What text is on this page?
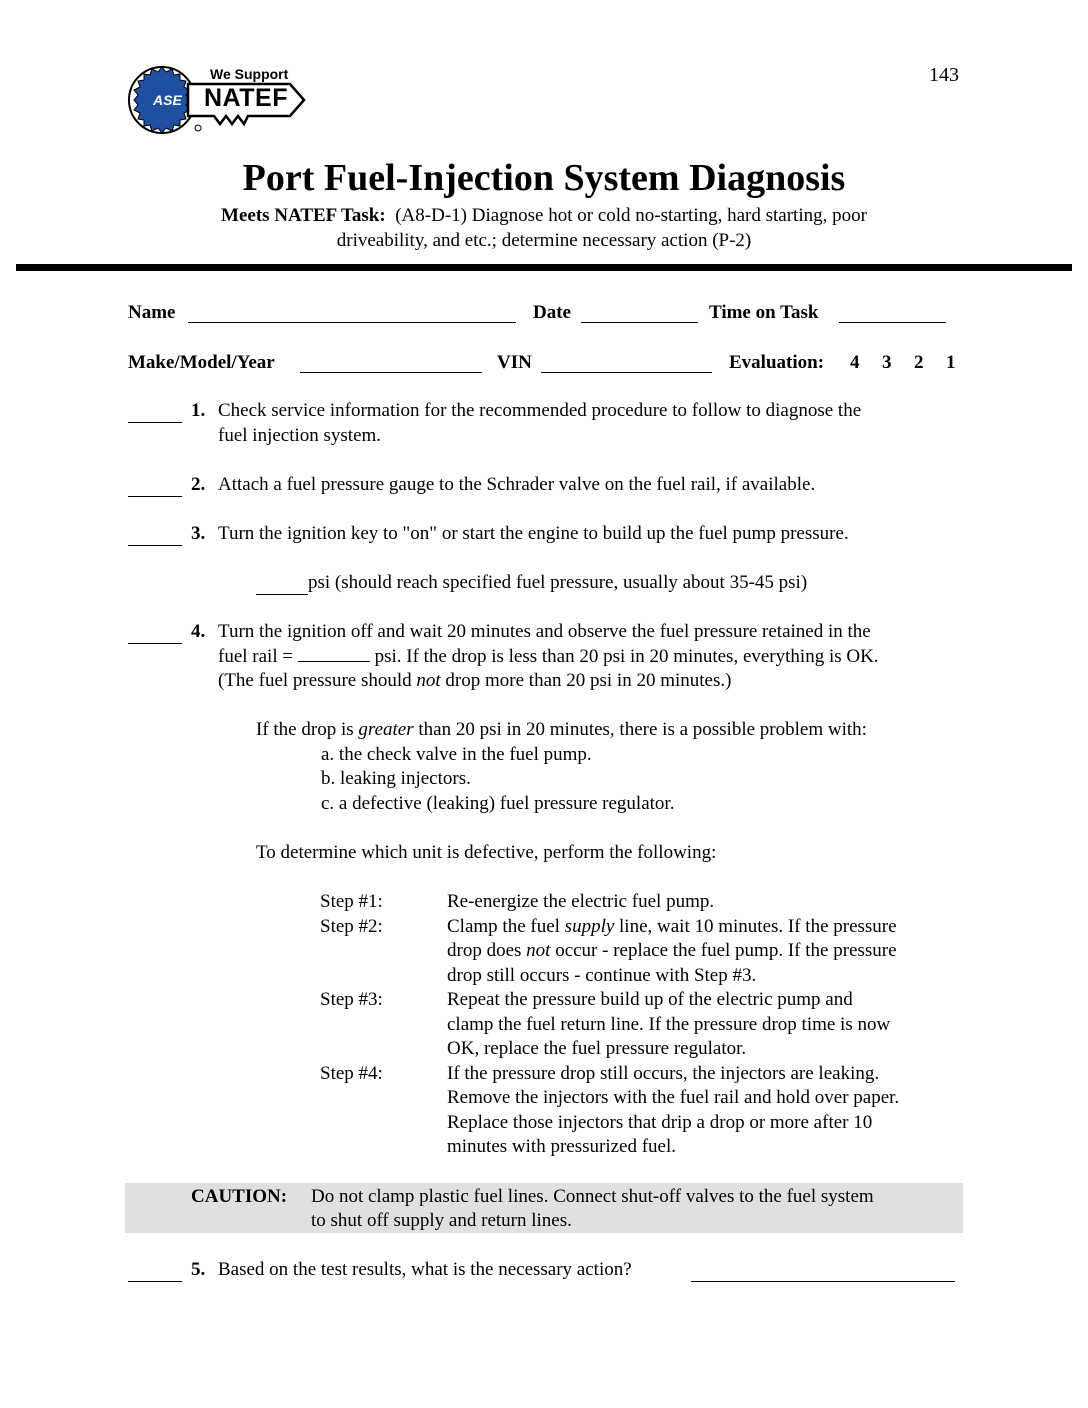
We Support
NATEF
ASE
143
Port Fuel-Injection System Diagnosis
Meets NATEF Task: (A8-D-1) Diagnose hot or cold no-starting, hard starting, poor
driveability, and etc.; determine necessary action (P-2)
Name	Date	Time on Task
Make/Model/Year	VIN	Evaluation: 4 3 2 1
1. Check service information for the recommended procedure to follow to diagnose the
fuel injection system.
2. Attach a fuel pressure gauge to the Schrader valve on the fuel rail, if available.
3. Turn the ignition key to "on" or start the engine to build up the fuel pump pressure.
psi (should reach specified fuel pressure, usually about 35-45 psi)
4. Turn the ignition off and wait 20 minutes and observe the fuel pressure retained in the
fuel rail =	psi. If the drop is less than 20 psi in 20 minutes, everything is OK.
(The fuel pressure should not drop more than 20 psi in 20 minutes.)
If the drop is greater than 20 psi in 20 minutes, there is a possible problem with:
a. the check valve in the fuel pump.
b. leaking injectors.
c. a defective (leaking) fuel pressure regulator.
To determine which unit is defective, perform the following:
Step #1:	Re-energize the electric fuel pump.
Step #2:	Clamp the fuel supply line, wait 10 minutes. If the pressure
drop does not occur - replace the fuel pump. If the pressure
drop still occurs - continue with Step #3.
Step #3:	Repeat the pressure build up of the electric pump and
clamp the fuel return line. If the pressure drop time is now
OK, replace the fuel pressure regulator.
Step #4:	If the pressure drop still occurs, the injectors are leaking.
Remove the injectors with the fuel rail and hold over paper.
Replace those injectors that drip a drop or more after 10
minutes with pressurized fuel.
CAUTION: Do not clamp plastic fuel lines. Connect shut-off valves to the fuel system
to shut off supply and return lines.
5. Based on the test results, what is the necessary action?
